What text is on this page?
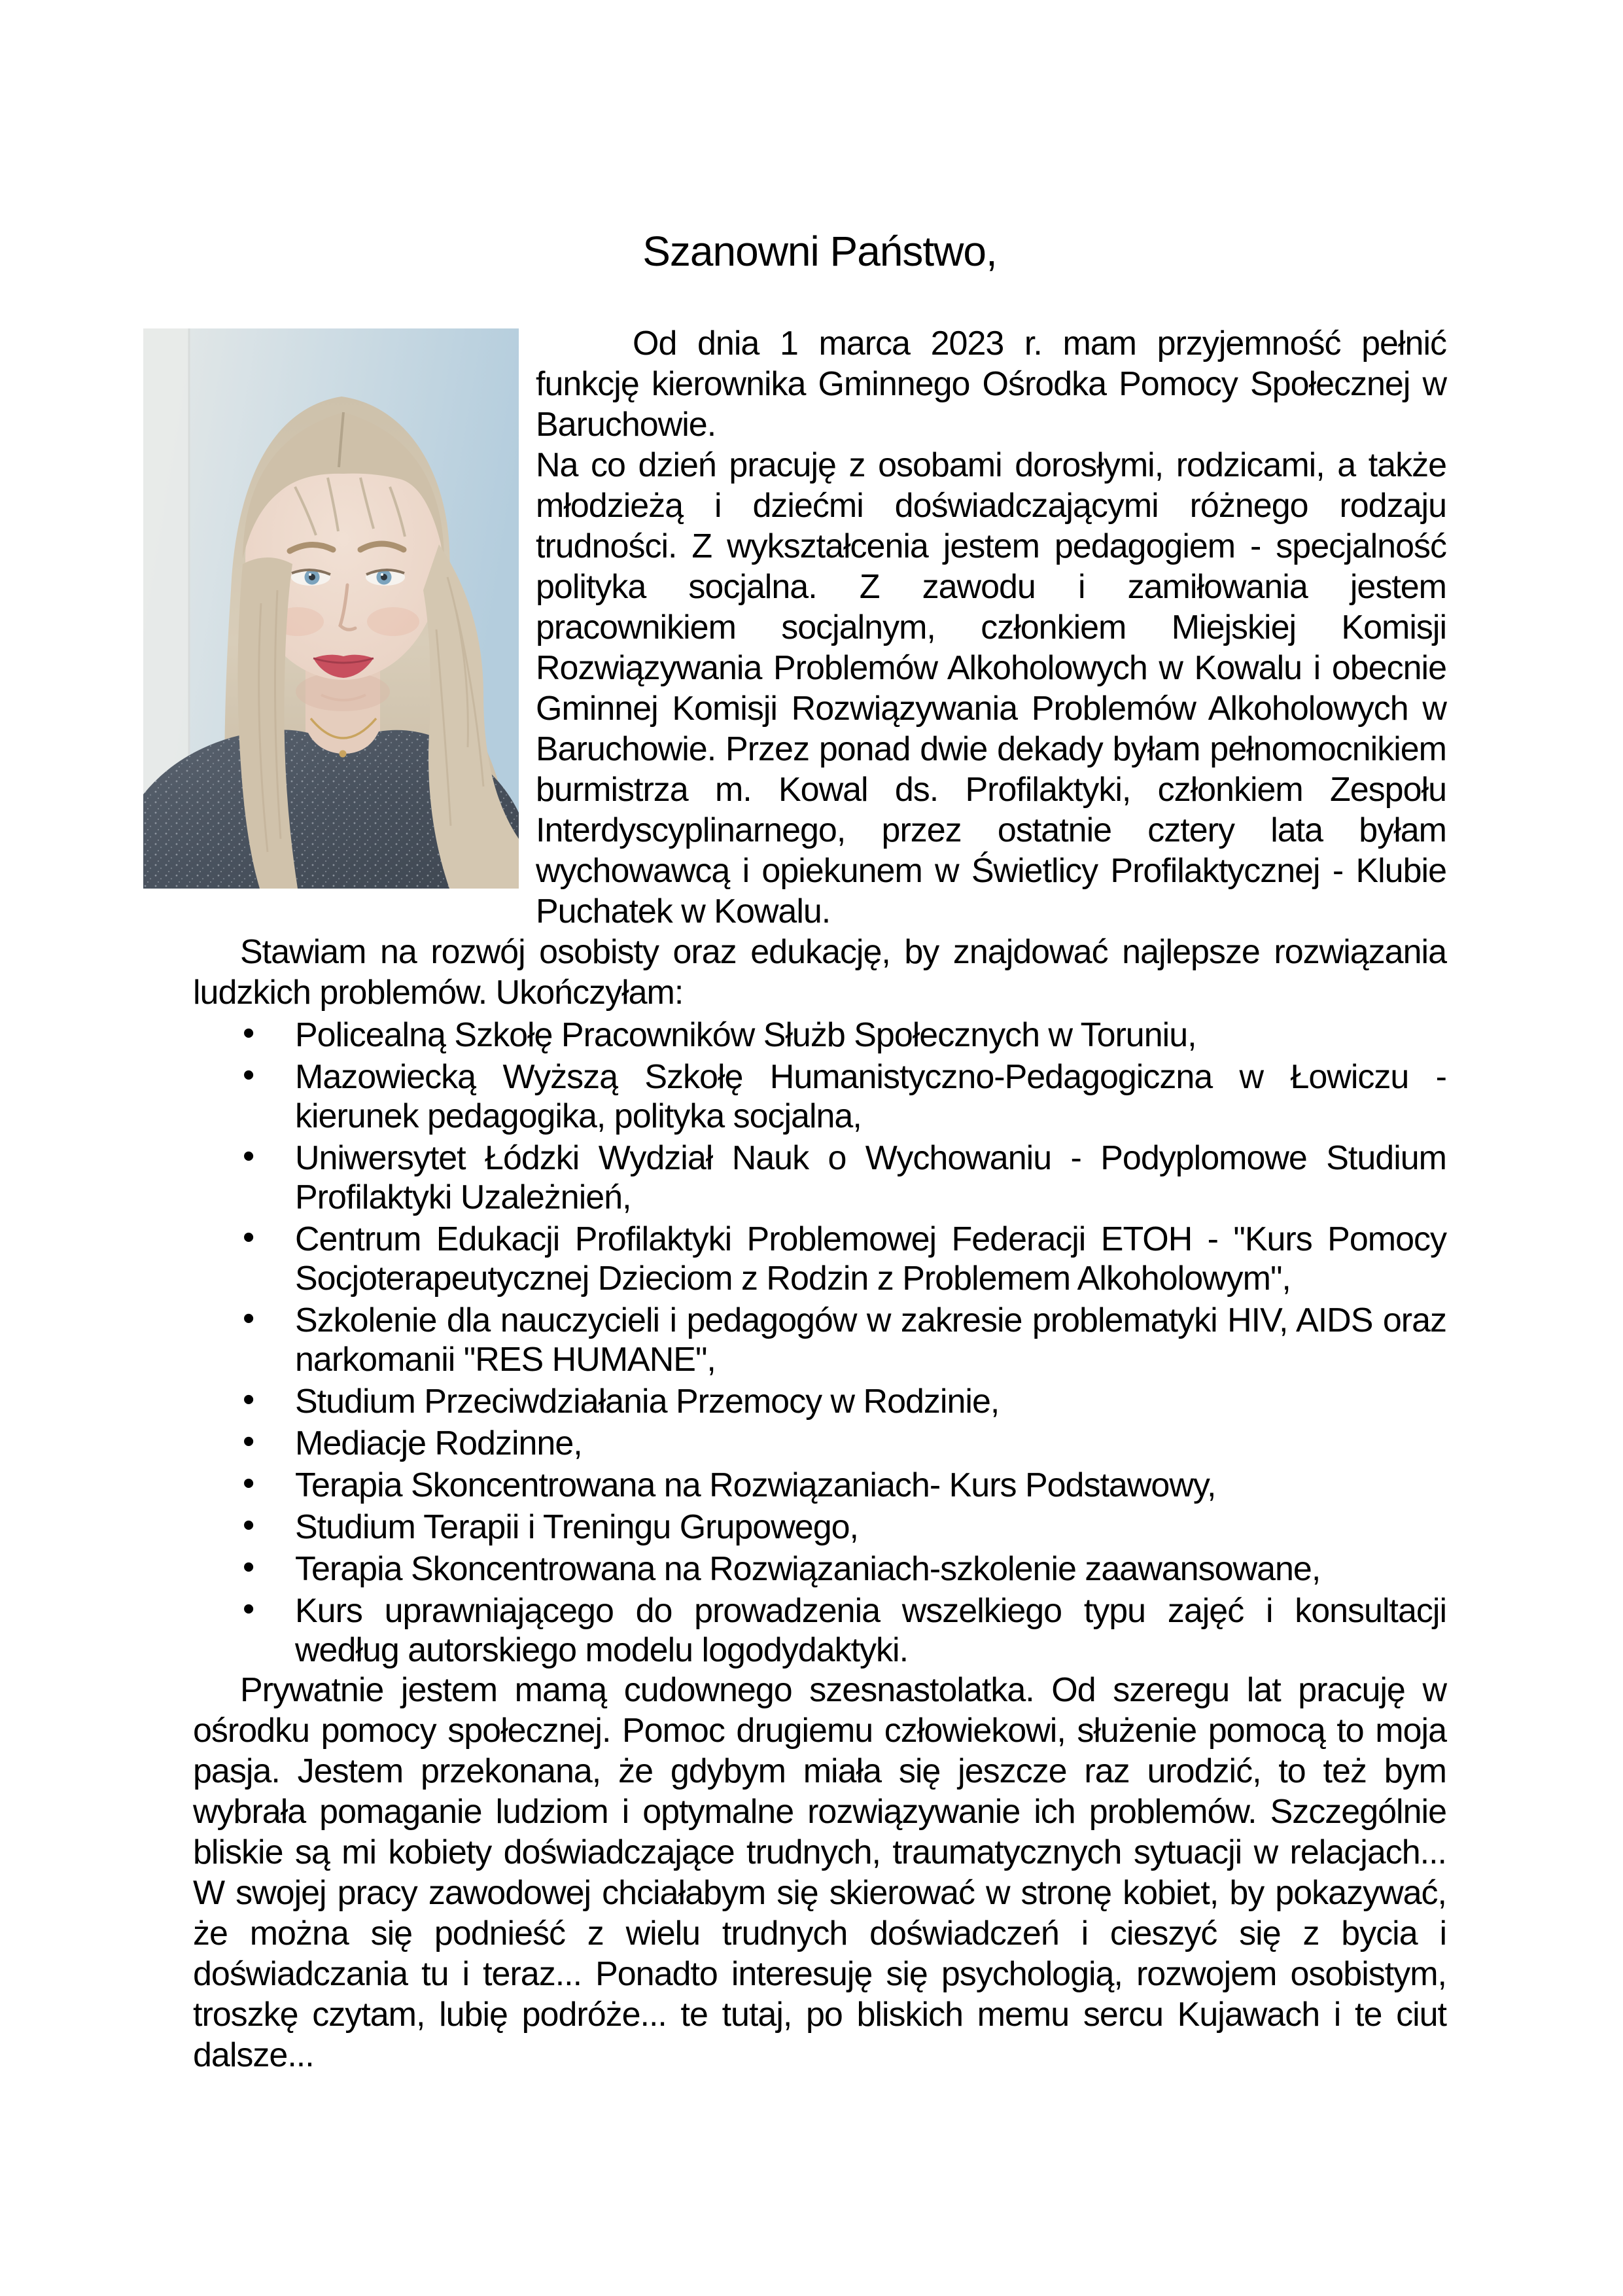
Szanowni Państwo,

Od dnia 1 marca 2023 r. mam przyjemność pełnić funkcję kierownika Gminnego Ośrodka Pomocy Społecznej w Baruchowie.

Na co dzień pracuję z osobami dorosłymi, rodzicami, a także młodzieżą i dziećmi doświadczającymi różnego rodzaju trudności. Z wykształcenia jestem pedagogiem - specjalność polityka socjalna. Z zawodu i zamiłowania jestem pracownikiem socjalnym, członkiem Miejskiej Komisji Rozwiązywania Problemów Alkoholowych w Kowalu i obecnie Gminnej Komisji Rozwiązywania Problemów Alkoholowych w Baruchowie. Przez ponad dwie dekady byłam pełnomocnikiem burmistrza m. Kowal ds. Profilaktyki, członkiem Zespołu Interdyscyplinarnego, przez ostatnie cztery lata byłam wychowawcą i opiekunem w Świetlicy Profilaktycznej - Klubie Puchatek w Kowalu.

Stawiam na rozwój osobisty oraz edukację, by znajdować najlepsze rozwiązania ludzkich problemów. Ukończyłam:

• Policealną Szkołę Pracowników Służb Społecznych w Toruniu,
• Mazowiecką Wyższą Szkołę Humanistyczno-Pedagogiczna w Łowiczu - kierunek pedagogika, polityka socjalna,
• Uniwersytet Łódzki Wydział Nauk o Wychowaniu - Podyplomowe Studium Profilaktyki Uzależnień,
• Centrum Edukacji Profilaktyki Problemowej Federacji ETOH - "Kurs Pomocy Socjoterapeutycznej Dzieciom z Rodzin z Problemem Alkoholowym",
• Szkolenie dla nauczycieli i pedagogów w zakresie problematyki HIV, AIDS oraz narkomanii "RES HUMANE",
• Studium Przeciwdziałania Przemocy w Rodzinie,
• Mediacje Rodzinne,
• Terapia Skoncentrowana na Rozwiązaniach- Kurs Podstawowy,
• Studium Terapii i Treningu Grupowego,
• Terapia Skoncentrowana na Rozwiązaniach-szkolenie zaawansowane,
• Kurs uprawniającego do prowadzenia wszelkiego typu zajęć i konsultacji według autorskiego modelu logodydaktyki.

Prywatnie jestem mamą cudownego szesnastolatka. Od szeregu lat pracuję w ośrodku pomocy społecznej. Pomoc drugiemu człowiekowi, służenie pomocą to moja pasja. Jestem przekonana, że gdybym miała się jeszcze raz urodzić, to też bym wybrała pomaganie ludziom i optymalne rozwiązywanie ich problemów. Szczególnie bliskie są mi kobiety doświadczające trudnych, traumatycznych sytuacji w relacjach... W swojej pracy zawodowej chciałabym się skierować w stronę kobiet, by pokazywać, że można się podnieść z wielu trudnych doświadczeń i cieszyć się z bycia i doświadczania tu i teraz... Ponadto interesuję się psychologią, rozwojem osobistym, troszkę czytam, lubię podróże... te tutaj, po bliskich memu sercu Kujawach i te ciut dalsze...
